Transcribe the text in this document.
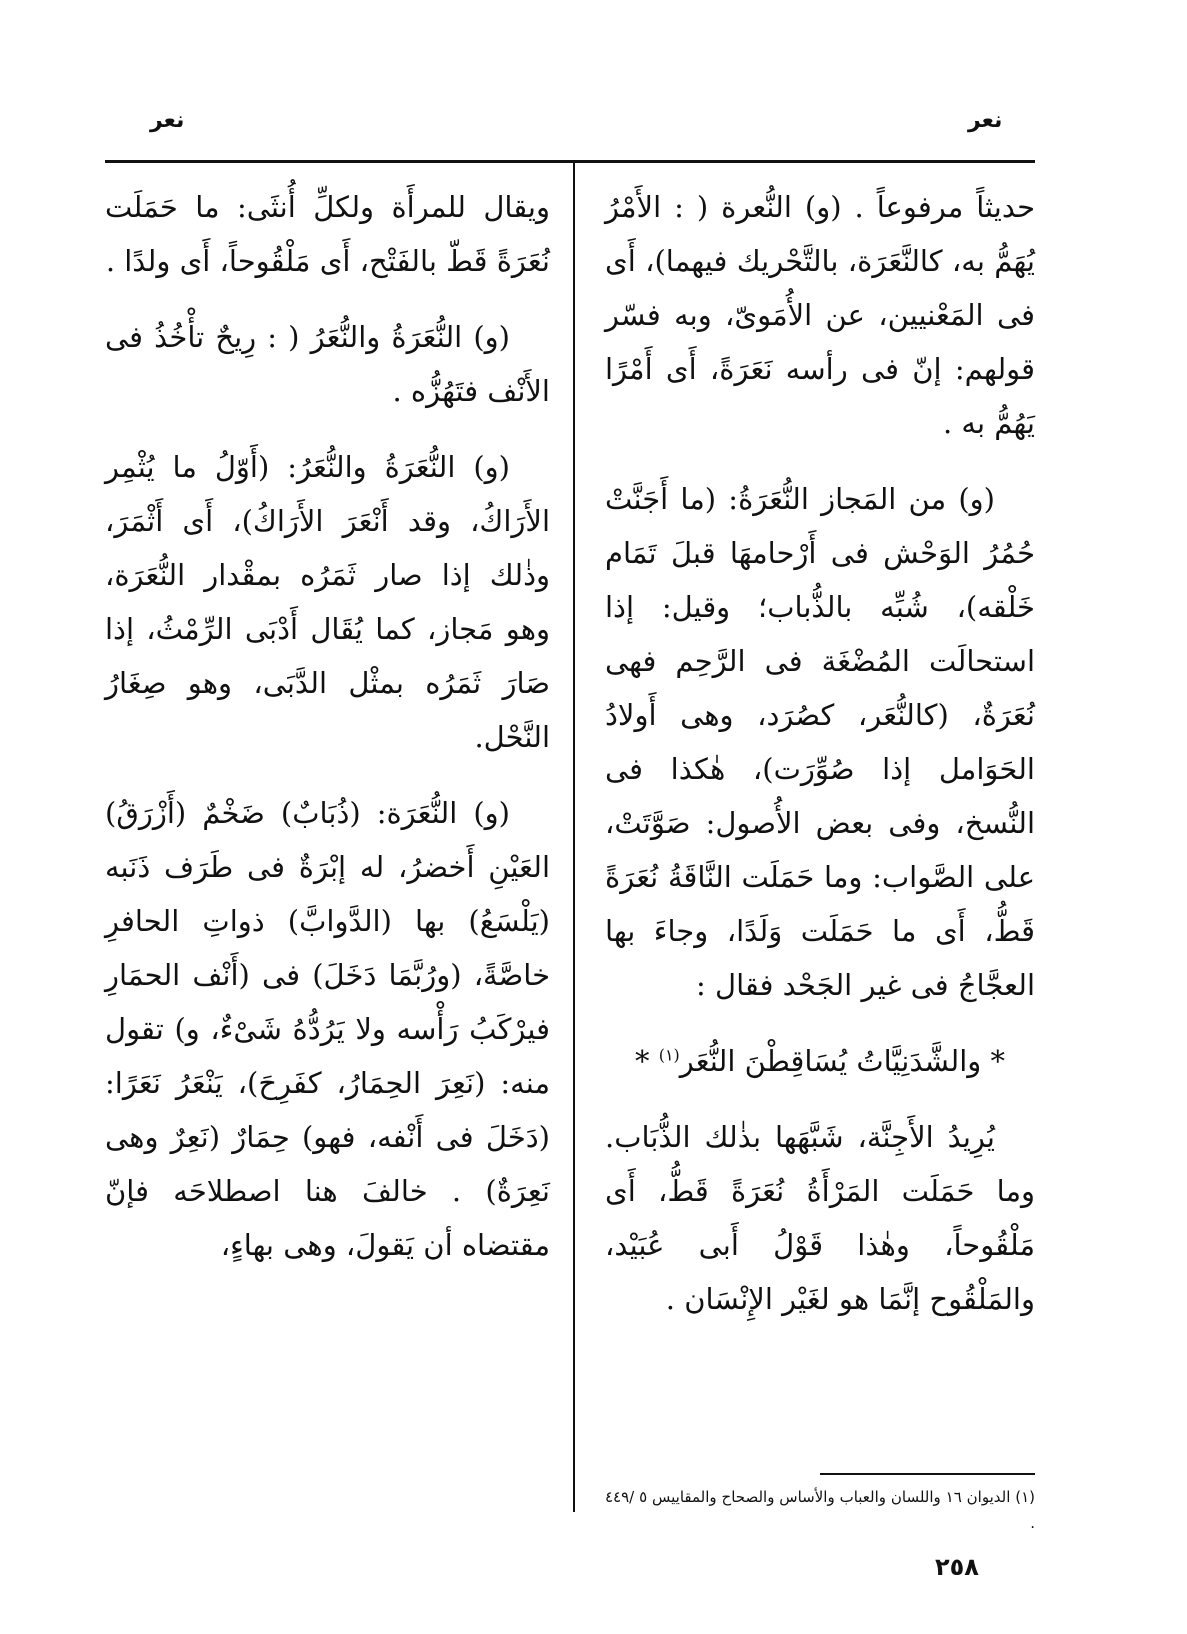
نعر
نعر

حديثاً مرفوعاً . (و) النُّعرة ( : الأَمْرُ يُهَمُّ به، كالنَّعَرَة، بالتَّحْريك فيهما)، أَى فى المَعْنيين، عن الأُمَوىّ، وبه فسّر قولهم: إنّ فى رأسه نَعَرَةً، أَى أَمْرًا يَهُمُّ به .

(و) من المَجاز النُّعَرَةُ: (ما أَجَنَّتْ حُمُرُ الوَحْش فى أَرْحامهَا قبلَ تَمَام خَلْقه)، شُبِّه بالذُّباب؛ وقيل: إذا استحالَت المُضْغَة فى الرَّحِم فهى نُعَرَةٌ، (كالنُّعَر، كصُرَد، وهى أَولادُ الحَوَامل إذا صُوِّرَت)، هٰكذا فى النُّسخ، وفى بعض الأُصول: صَوَّتَتْ، على الصَّواب: وما حَمَلَت النَّاقَةُ نُعَرَةً قَطُّ، أَى ما حَمَلَت وَلَدًا، وجاءَ بها العجَّاجُ فى غير الجَحْد فقال :

* والشَّدَنِيَّاتُ يُسَاقِطْنَ النُّعَر$^{(١)}$ *

يُرِيدُ الأَجِنَّة، شَبَّهَها بذٰلك الذُّبَاب. وما حَمَلَت المَرْأَةُ نُعَرَةً قَطُّ، أَى مَلْقُوحاً، وهٰذا قَوْلُ أَبى عُبَيْد، والمَلْقُوح إنَّمَا هو لغَيْر الإِنْسَان .

ويقال للمرأَة ولكلِّ أُنثَى: ما حَمَلَت نُعَرَةً قَطّ بالفَتْح، أَى مَلْقُوحاً، أَى ولدًا .

(و) النُّعَرَةُ والنُّعَرُ ( : رِيحٌ تأْخُذُ فى الأَنْف فتَهُزُّه .

(و) النُّعَرَةُ والنُّعَرُ: (أَوّلُ ما يُثْمِر الأَرَاكُ، وقد أَنْعَرَ الأَرَاكُ)، أَى أَثْمَرَ، وذٰلك إذا صار ثَمَرُه بمقْدار النُّعَرَة، وهو مَجاز، كما يُقَال أَدْبَى الرِّمْثُ، إذا صَارَ ثَمَرُه بمثْل الدَّبَى، وهو صِغَارُ النَّحْل.

(و) النُّعَرَة: (ذُبَابٌ) ضَخْمٌ (أَزْرَقُ) العَيْنِ أَخضرُ، له إبْرَةٌ فى طَرَف ذَنَبه (يَلْسَعُ) بها (الدَّوابَّ) ذواتِ الحافرِ خاصَّةً، (ورُبَّمَا دَخَلَ) فى (أَنْف الحمَارِ فيرْكَبُ رَأْسه ولا يَرُدُّهُ شَىْءٌ، و) تقول منه: (نَعِرَ الحِمَارُ، كفَرِحَ)، يَنْعَرُ نَعَرًا: (دَخَلَ فى أَنْفه، فهو) حِمَارٌ (نَعِرٌ وهى نَعِرَةٌ) . خالفَ هنا اصطلاحَه فإنّ مقتضاه أن يَقولَ، وهى بهاءٍ،

(١) الديوان ١٦ واللسان والعباب والأساس والصحاح والمقاييس ٥ /٤٤٩ .
٢٥٨
